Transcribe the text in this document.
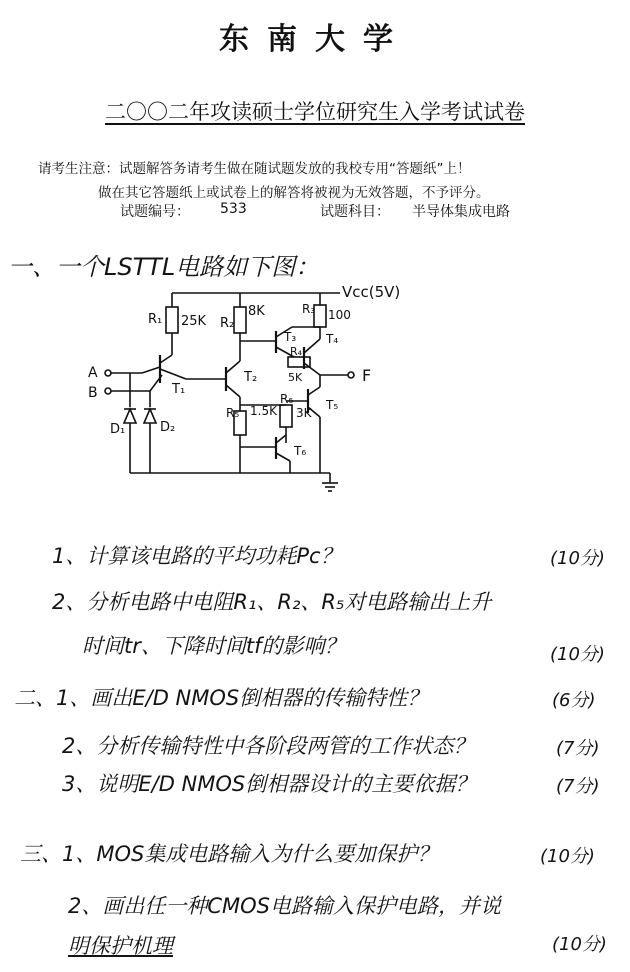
东南大学
二〇〇二年攻读硕士学位研究生入学考试试卷
请考生注意：试题解答务请考生做在随试题发放的我校专用“答题纸”上！
做在其它答题纸上或试卷上的解答将被视为无效答题，不予评分。
试题编号： 533	试题科目： 半导体集成电路
一、一个LSTTL电路如下图：
Vcc(5V)
R₁ 25K R₂
8K	R₃ 100
A
B	T₁
D₁	D₂
T₂
R₅ 1.5K
R₆
3K
T₃ T₄
R₄
5K	F
T₅
T₆
1、计算该电路的平均功耗Pc？	(10分)
2、分析电路中电阻R₁、R₂、R₅对电路输出上升
时间tr、下降时间tf的影响？	(10分)
二、1、画出E/D NMOS倒相器的传输特性？	(6分)
2、分析传输特性中各阶段两管的工作状态？	(7分)
3、说明E/D NMOS倒相器设计的主要依据？	(7分)
三、1、MOS集成电路输入为什么要加保护？	(10分)
2、画出任一种CMOS电路输入保护电路，并说
明保护机理	(10分)
